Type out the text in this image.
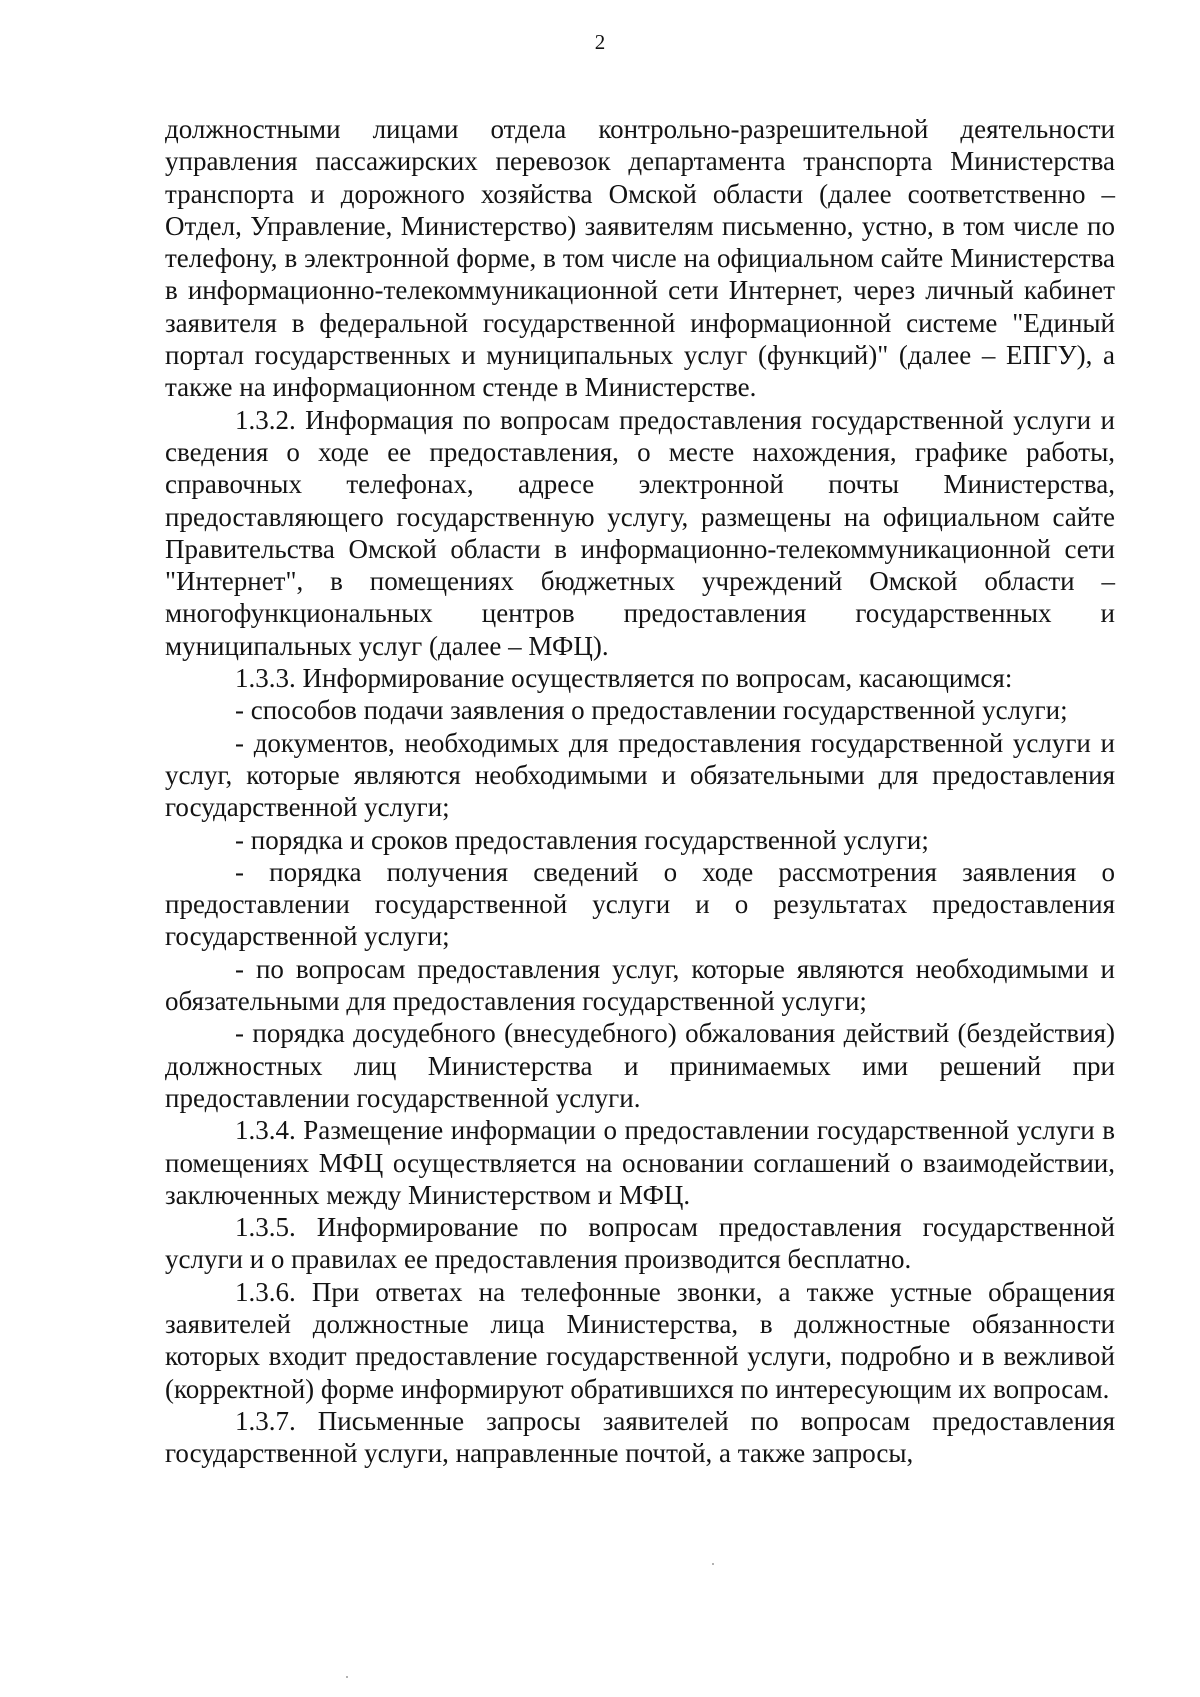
2

должностными лицами отдела контрольно-разрешительной деятельности управления пассажирских перевозок департамента транспорта Министерства транспорта и дорожного хозяйства Омской области (далее соответственно – Отдел, Управление, Министерство) заявителям письменно, устно, в том числе по телефону, в электронной форме, в том числе на официальном сайте Министерства в информационно-телекоммуникационной сети Интернет, через личный кабинет заявителя в федеральной государственной информационной системе "Единый портал государственных и муниципальных услуг (функций)" (далее – ЕПГУ), а также на информационном стенде в Министерстве.

1.3.2. Информация по вопросам предоставления государственной услуги и сведения о ходе ее предоставления, о месте нахождения, графике работы, справочных телефонах, адресе электронной почты Министерства, предоставляющего государственную услугу, размещены на официальном сайте Правительства Омской области в информационно-телекоммуникационной сети "Интернет", в помещениях бюджетных учреждений Омской области – многофункциональных центров предоставления государственных и муниципальных услуг (далее – МФЦ).

1.3.3. Информирование осуществляется по вопросам, касающимся:

- способов подачи заявления о предоставлении государственной услуги;

- документов, необходимых для предоставления государственной услуги и услуг, которые являются необходимыми и обязательными для предоставления государственной услуги;

- порядка и сроков предоставления государственной услуги;

- порядка получения сведений о ходе рассмотрения заявления о предоставлении государственной услуги и о результатах предоставления государственной услуги;

- по вопросам предоставления услуг, которые являются необходимыми и обязательными для предоставления государственной услуги;

- порядка досудебного (внесудебного) обжалования действий (бездействия) должностных лиц Министерства и принимаемых ими решений при предоставлении государственной услуги.

1.3.4. Размещение информации о предоставлении государственной услуги в помещениях МФЦ осуществляется на основании соглашений о взаимодействии, заключенных между Министерством и МФЦ.

1.3.5. Информирование по вопросам предоставления государственной услуги и о правилах ее предоставления производится бесплатно.

1.3.6. При ответах на телефонные звонки, а также устные обращения заявителей должностные лица Министерства, в должностные обязанности которых входит предоставление государственной услуги, подробно и в вежливой (корректной) форме информируют обратившихся по интересующим их вопросам.

1.3.7. Письменные запросы заявителей по вопросам предоставления государственной услуги, направленные почтой, а также запросы,
